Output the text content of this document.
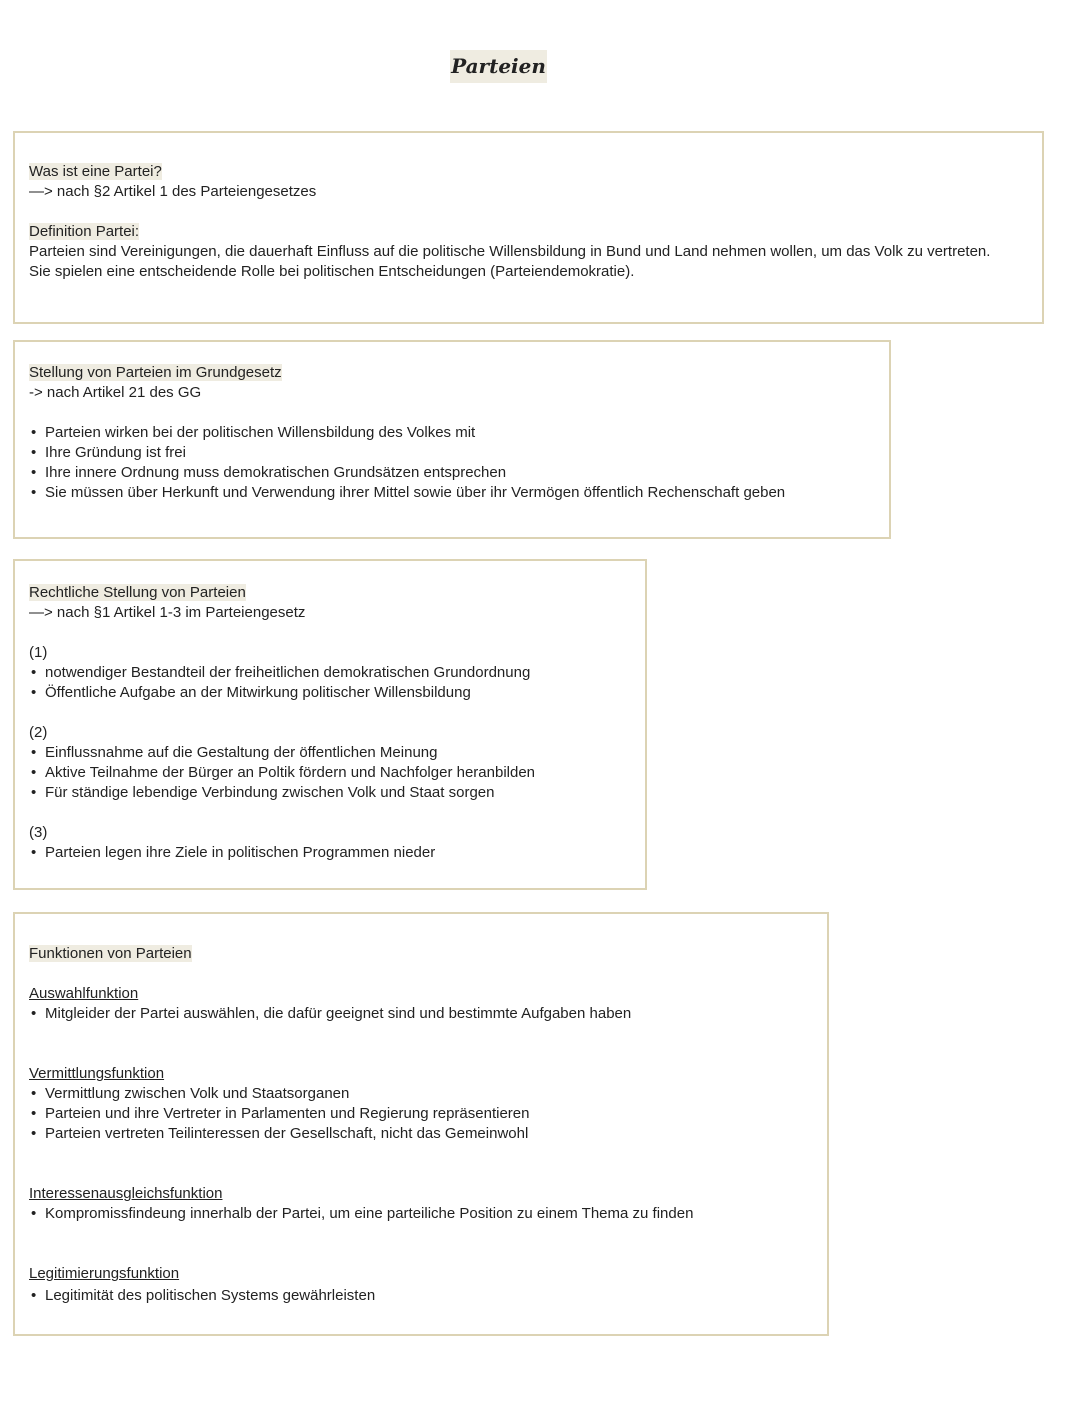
Parteien
Was ist eine Partei?
—> nach §2 Artikel 1 des Parteiengesetzes
Definition Partei:
Parteien sind Vereinigungen, die dauerhaft Einfluss auf die politische Willensbildung in Bund und Land nehmen wollen, um das Volk zu vertreten. Sie spielen eine entscheidende Rolle bei politischen Entscheidungen (Parteiendemokratie).
Stellung von Parteien im Grundgesetz
-> nach Artikel 21 des GG
• Parteien wirken bei der politischen Willensbildung des Volkes mit
• Ihre Gründung ist frei
• Ihre innere Ordnung muss demokratischen Grundsätzen entsprechen
• Sie müssen über Herkunft und Verwendung ihrer Mittel sowie über ihr Vermögen öffentlich Rechenschaft geben
Rechtliche Stellung von Parteien
—> nach §1 Artikel 1-3 im Parteiengesetz
(1)
• notwendiger Bestandteil der freiheitlichen demokratischen Grundordnung
• Öffentliche Aufgabe an der Mitwirkung politischer Willensbildung
(2)
• Einflussnahme auf die Gestaltung der öffentlichen Meinung
• Aktive Teilnahme der Bürger an Poltik fördern und Nachfolger heranbilden
• Für ständige lebendige Verbindung zwischen Volk und Staat sorgen
(3)
• Parteien legen ihre Ziele in politischen Programmen nieder
Funktionen von Parteien
Auswahlfunktion
• Mitgleider der Partei auswählen, die dafür geeignet sind und bestimmte Aufgaben haben
Vermittlungsfunktion
• Vermittlung zwischen Volk und Staatsorganen
• Parteien und ihre Vertreter in Parlamenten und Regierung repräsentieren
• Parteien vertreten Teilinteressen der Gesellschaft, nicht das Gemeinwohl
Interessenausgleichsfunktion
• Kompromissfindeung innerhalb der Partei, um eine parteiliche Position zu einem Thema zu finden
Legitimierungsfunktion
• Legitimität des politischen Systems gewährleisten
